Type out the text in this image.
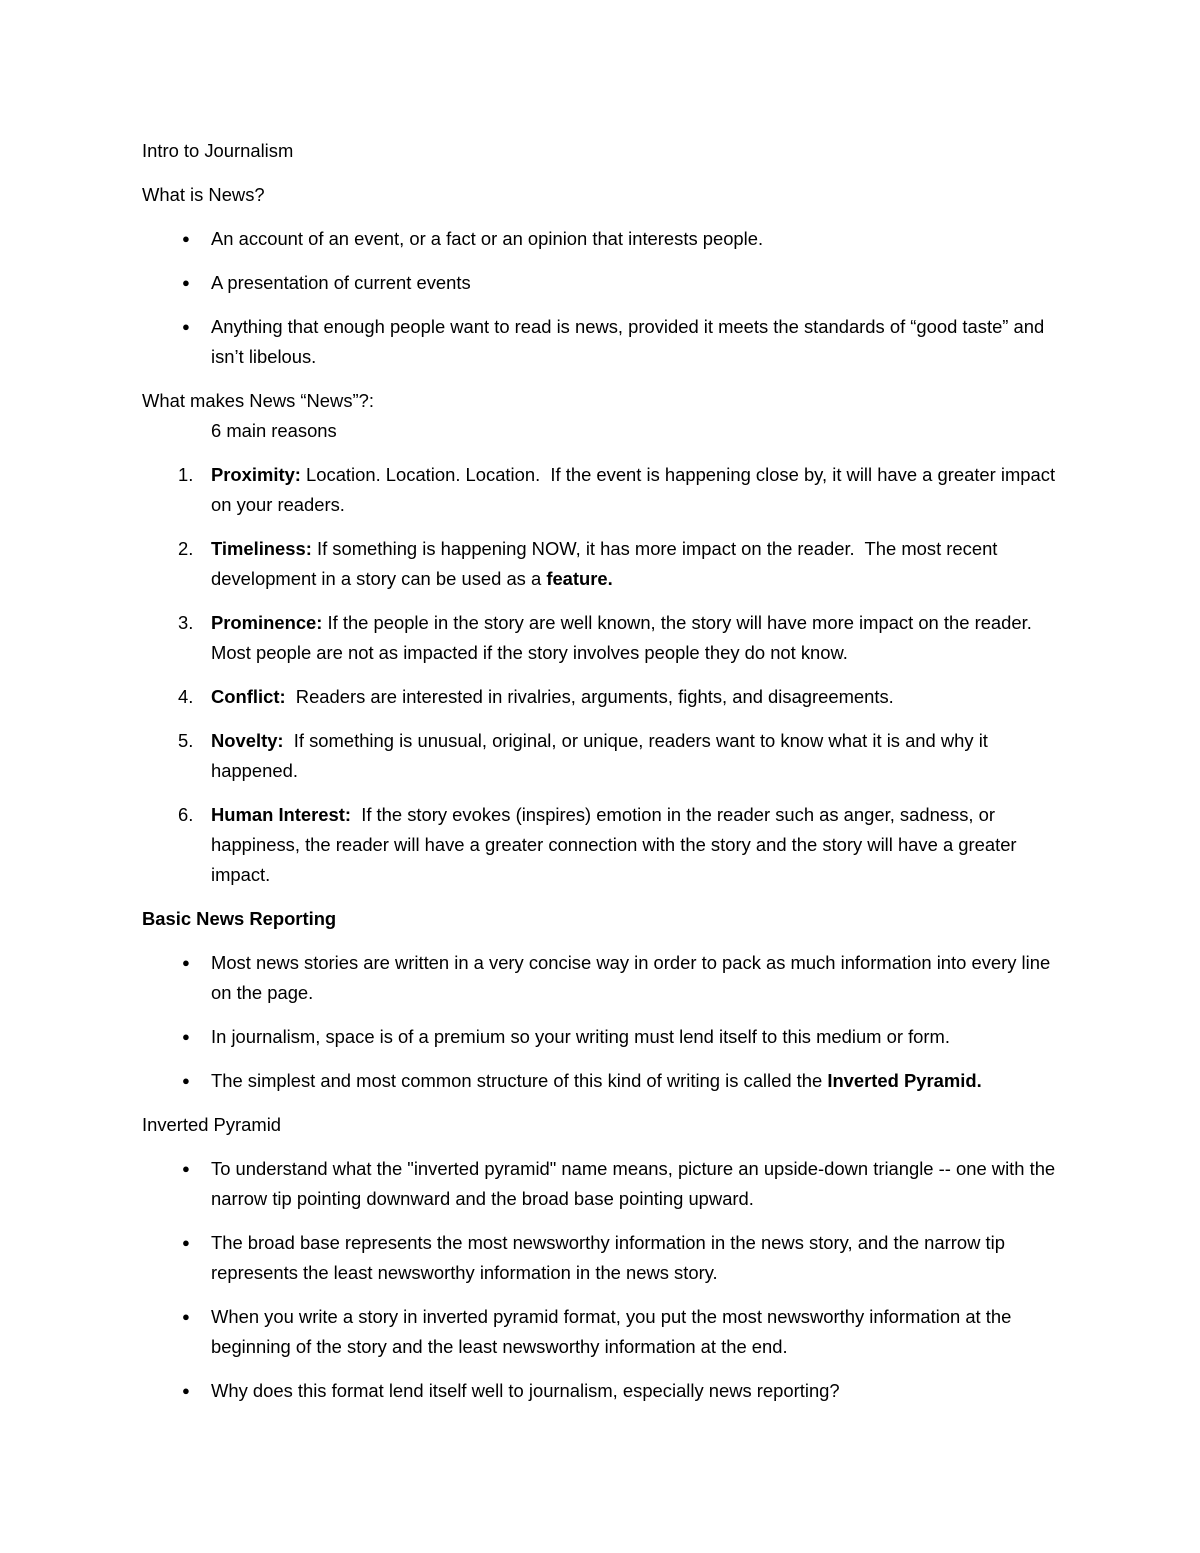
Intro to Journalism
What is News?
●	An account of an event, or a fact or an opinion that interests people.
●	A presentation of current events
●	Anything that enough people want to read is news, provided it meets the standards of “good taste” and isn’t libelous.
What makes News “News”?:
6 main reasons
1. Proximity: Location. Location. Location.  If the event is happening close by, it will have a greater impact on your readers.
2. Timeliness: If something is happening NOW, it has more impact on the reader.  The most recent development in a story can be used as a feature.
3. Prominence: If the people in the story are well known, the story will have more impact on the reader.  Most people are not as impacted if the story involves people they do not know.
4. Conflict:  Readers are interested in rivalries, arguments, fights, and disagreements.
5. Novelty:  If something is unusual, original, or unique, readers want to know what it is and why it happened.
6. Human Interest:  If the story evokes (inspires) emotion in the reader such as anger, sadness, or happiness, the reader will have a greater connection with the story and the story will have a greater impact.
Basic News Reporting
●	Most news stories are written in a very concise way in order to pack as much information into every line on the page.
●	In journalism, space is of a premium so your writing must lend itself to this medium or form.
●	The simplest and most common structure of this kind of writing is called the Inverted Pyramid.
Inverted Pyramid
●	To understand what the "inverted pyramid" name means, picture an upside-down triangle -- one with the narrow tip pointing downward and the broad base pointing upward.
●	The broad base represents the most newsworthy information in the news story, and the narrow tip represents the least newsworthy information in the news story.
●	When you write a story in inverted pyramid format, you put the most newsworthy information at the beginning of the story and the least newsworthy information at the end.
●	Why does this format lend itself well to journalism, especially news reporting?
